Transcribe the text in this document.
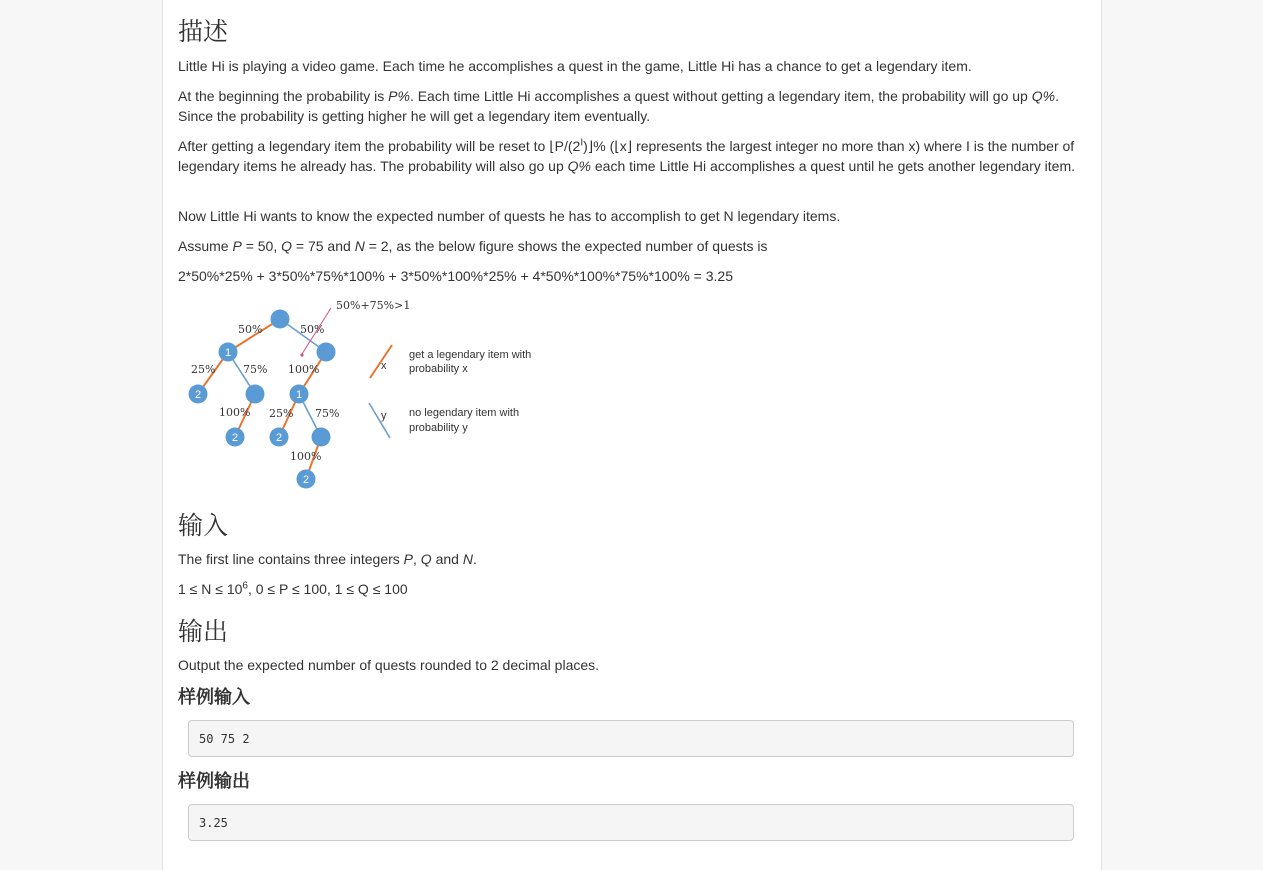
描述

Little Hi is playing a video game. Each time he accomplishes a quest in the game, Little Hi has a chance to get a legendary item.

At the beginning the probability is P%. Each time Little Hi accomplishes a quest without getting a legendary item, the probability will go up Q%. Since the probability is getting higher he will get a legendary item eventually.

After getting a legendary item the probability will be reset to $⌊P/(2^I)⌋\%$ (⌊x⌋ represents the largest integer no more than x) where I is the number of legendary items he already has. The probability will also go up Q% each time Little Hi accomplishes a quest until he gets another legendary item.

Now Little Hi wants to know the expected number of quests he has to accomplish to get N legendary items.

Assume P = 50, Q = 75 and N = 2, as the below figure shows the expected number of quests is

2*50%*25% + 3*50%*75%*100% + 3*50%*100%*25% + 4*50%*100%*75%*100% = 3.25

50%+75%>1
50%	50%
25%	75% 100%
100% 25% 75%
100%
1
2	1
2	2
2
x
get a legendary item with
probability x
y no legendary item with
probability y
输入

The first line contains three integers P, Q and N.

$1 \le N \le 10^6$, 0 ≤ P ≤ 100, 1 ≤ Q ≤ 100

输出

Output the expected number of quests rounded to 2 decimal places.

样例输入
50 75 2
样例输出
3.25
